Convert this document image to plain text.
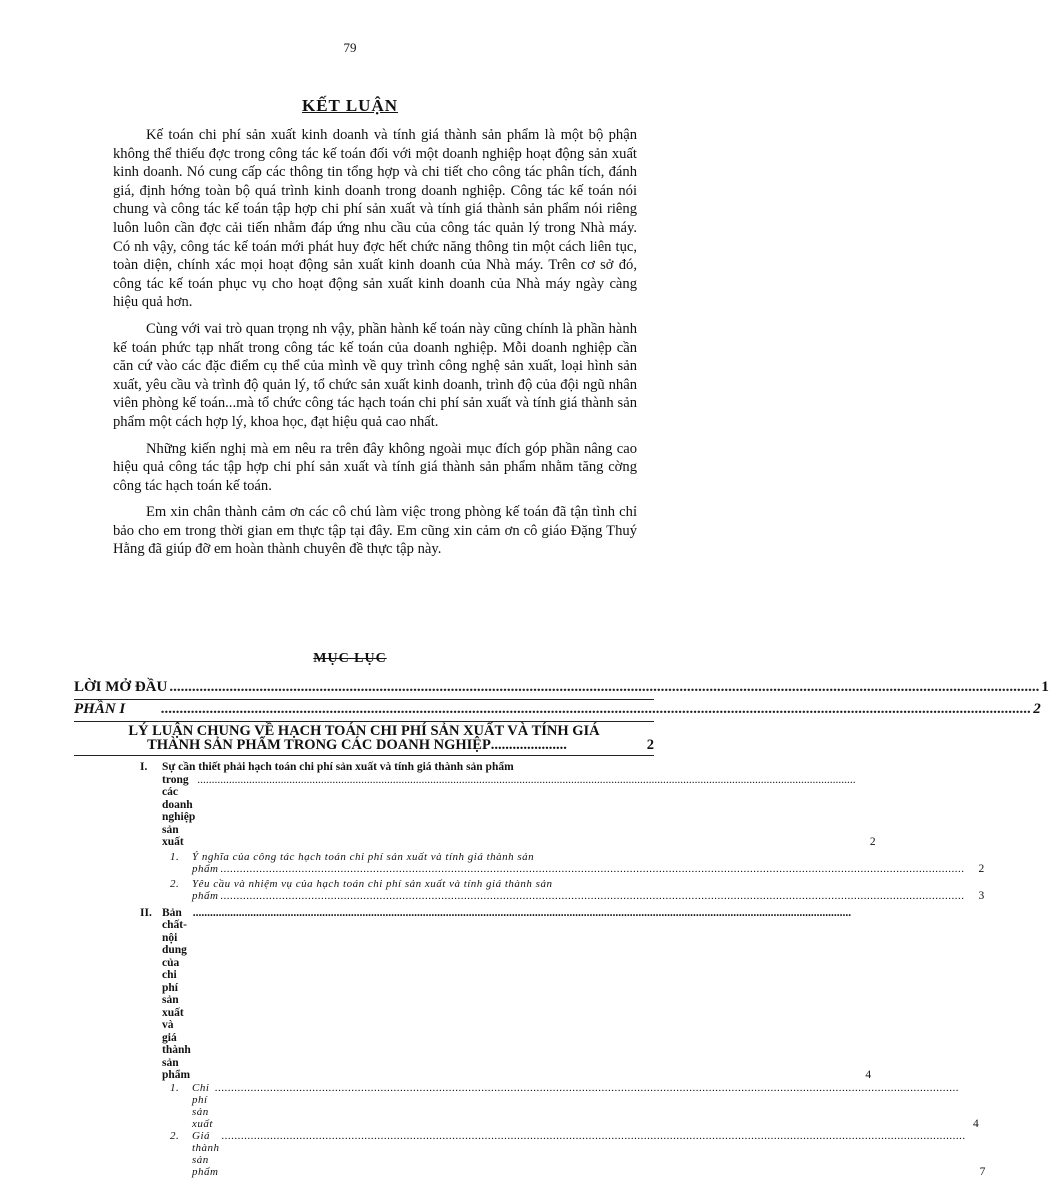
79
KẾT LUẬN

Kế toán chi phí sản xuất kinh doanh và tính giá thành sản phẩm là một bộ phận không thể thiếu đợc trong công tác kế toán đối với một doanh nghiệp hoạt động sản xuất kinh doanh. Nó cung cấp các thông tin tổng hợp và chi tiết cho công tác phân tích, đánh giá, định hớng toàn bộ quá trình kinh doanh trong doanh nghiệp. Công tác kế toán nói chung và công tác kế toán tập hợp chi phí sản xuất và tính giá thành sản phẩm nói riêng luôn luôn cần đợc cải tiến nhằm đáp ứng nhu cầu của công tác quản lý trong Nhà máy. Có nh vậy, công tác kế toán mới phát huy đợc hết chức năng thông tin một cách liên tục, toàn diện, chính xác mọi hoạt động sản xuất kinh doanh của Nhà máy. Trên cơ sở đó, công tác kế toán phục vụ cho hoạt động sản xuất kinh doanh của Nhà máy ngày càng hiệu quả hơn.

Cùng với vai trò quan trọng nh vậy, phần hành kế toán này cũng chính là phần hành kế toán phức tạp nhất trong công tác kế toán của doanh nghiệp. Mỗi doanh nghiệp cần căn cứ vào các đặc điểm cụ thể của mình về quy trình công nghệ sản xuất, loại hình sản xuất, yêu cầu và trình độ quản lý, tổ chức sản xuất kinh doanh, trình độ của đội ngũ nhân viên phòng kế toán...mà tổ chức công tác hạch toán chi phí sản xuất và tính giá thành sản phẩm một cách hợp lý, khoa học, đạt hiệu quả cao nhất.

Những kiến nghị mà em nêu ra trên đây không ngoài mục đích góp phần nâng cao hiệu quả công tác tập hợp chi phí sản xuất và tính giá thành sản phẩm nhằm tăng cờng công tác hạch toán kế toán.

Em xin chân thành cảm ơn các cô chú làm việc trong phòng kế toán đã tận tình chỉ bảo cho em trong thời gian em thực tập tại đây. Em cũng xin cảm ơn cô giáo Đặng Thuý Hằng đã giúp đỡ em hoàn thành chuyên đề thực tập này.

MỤC LỤC
LỜI MỞ ĐẦU .....	1
PHẦN I .....	2
LÝ LUẬN CHUNG VỀ HẠCH TOÁN CHI PHÍ SẢN XUẤT VÀ TÍNH GIÁ
THÀNH SẢN PHẨM TRONG CÁC DOANH NGHIỆP .....................	2
I.	Sự cần thiết phải hạch toán chi phí sản xuất và tính giá thành sản phẩm
trong các doanh nghiệp sản xuất
.....	2
1.	Ý nghĩa của công tác hạch toán chi phí sản xuất và tính giá thành sản
phẩm .....	2
2.	Yêu cầu và nhiệm vụ của hạch toán chi phí sản xuất và tính giá thành sản
phẩm .....	3
II. Bản chất- nội dung của chi phí sản xuất và giá thành sản phẩm
.....	4
1.	Chi phí sản xuất
.....	4
2.	Giá thành sản phẩm
.....	7
